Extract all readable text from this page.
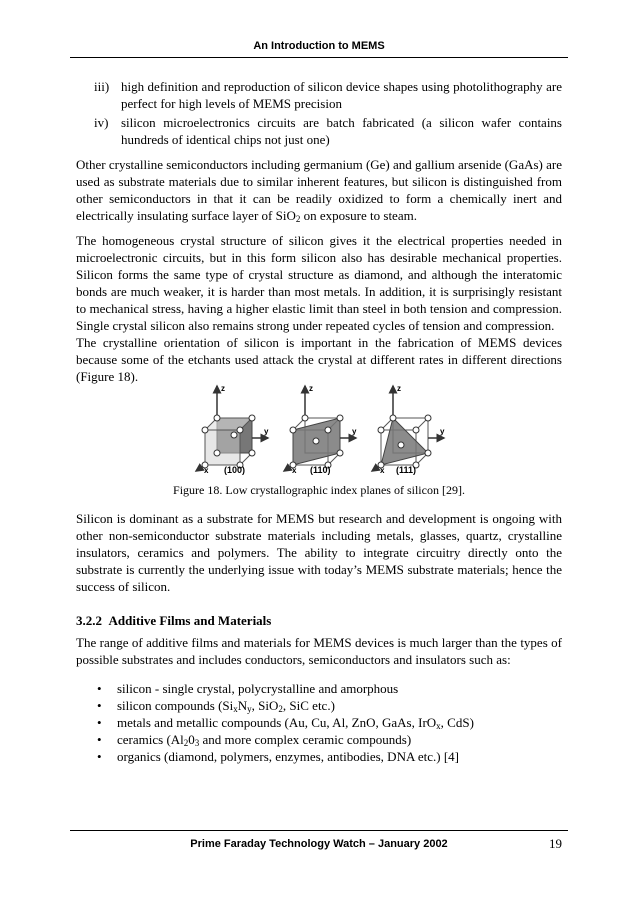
An Introduction to MEMS
iii) high definition and reproduction of silicon device shapes using photolithography are perfect for high levels of MEMS precision
iv) silicon microelectronics circuits are batch fabricated (a silicon wafer contains hundreds of identical chips not just one)

Other crystalline semiconductors including germanium (Ge) and gallium arsenide (GaAs) are used as substrate materials due to similar inherent features, but silicon is distinguished from other semiconductors in that it can be readily oxidized to form a chemically inert and electrically insulating surface layer of SiO$_2$ on exposure to steam.

The homogeneous crystal structure of silicon gives it the electrical properties needed in microelectronic circuits, but in this form silicon also has desirable mechanical properties. Silicon forms the same type of crystal structure as diamond, and although the interatomic bonds are much weaker, it is harder than most metals. In addition, it is surprisingly resistant to mechanical stress, having a higher elastic limit than steel in both tension and compression. Single crystal silicon also remains strong under repeated cycles of tension and compression.

The crystalline orientation of silicon is important in the fabrication of MEMS devices because some of the etchants used attack the crystal at different rates in different directions (Figure 18).

z
y
x (100)
z
y
x (110)
z
y
x (111)
Figure 18. Low crystallographic index planes of silicon [29].

Silicon is dominant as a substrate for MEMS but research and development is ongoing with other non-semiconductor substrate materials including metals, glasses, quartz, crystalline insulators, ceramics and polymers. The ability to integrate circuitry directly onto the substrate is currently the underlying issue with today’s MEMS substrate materials; hence the success of silicon.

3.2.2 Additive Films and Materials

The range of additive films and materials for MEMS devices is much larger than the types of possible substrates and includes conductors, semiconductors and insulators such as:

• silicon - single crystal, polycrystalline and amorphous
• silicon compounds ($Si_xN_y$, SiO$_2$, SiC etc.)
• metals and metallic compounds (Au, Cu, Al, ZnO, GaAs, IrO$_x$, CdS)
• ceramics ($Al_20_3$ and more complex ceramic compounds)
• organics (diamond, polymers, enzymes, antibodies, DNA etc.) [4]
Prime Faraday Technology Watch – January 2002	19
